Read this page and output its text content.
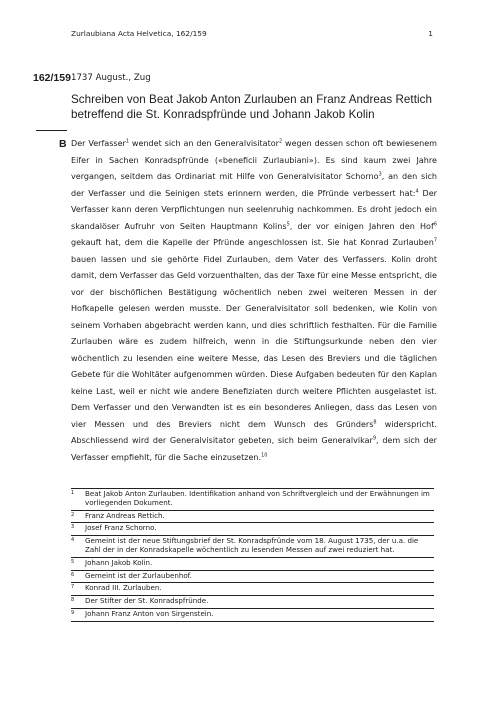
Zurlaubiana Acta Helvetica, 162/159	1
162/159 1737 August., Zug
Schreiben von Beat Jakob Anton Zurlauben an Franz Andreas Rettich betreffend die St. Konradspfründe und Johann Jakob Kolin
B Der Verfasser$^1$ wendet sich an den Generalvisitator$^2$ wegen dessen schon oft bewiesenem Eifer in Sachen Konradspfründe («beneficii Zurlaubiani»). Es sind kaum zwei Jahre vergangen, seitdem das Ordinariat mit Hilfe von Generalvisitator Schorno$^3$, an den sich der Verfasser und die Seinigen stets erinnern werden, die Pfründe verbessert hat:$^4$ Der Verfasser kann deren Verpflichtungen nun seelenruhig nachkommen. Es droht jedoch ein skandalöser Aufruhr von Seiten Hauptmann Kolins$^5$, der vor einigen Jahren den Hof$^6$ gekauft hat, dem die Kapelle der Pfründe angeschlossen ist. Sie hat Konrad Zurlauben$^7$ bauen lassen und sie gehörte Fidel Zurlauben, dem Vater des Verfassers. Kolin droht damit, dem Verfasser das Geld vorzuenthalten, das der Taxe für eine Messe entspricht, die vor der bischöflichen Bestätigung wöchentlich neben zwei weiteren Messen in der Hofkapelle gelesen werden musste. Der Generalvisitator soll bedenken, wie Kolin von seinem Vorhaben abgebracht werden kann, und dies schriftlich festhalten. Für die Familie Zurlauben wäre es zudem hilfreich, wenn in die Stiftungsurkunde neben den vier wöchentlich zu lesenden eine weitere Messe, das Lesen des Breviers und die täglichen Gebete für die Wohltäter aufgenommen würden. Diese Aufgaben bedeuten für den Kaplan keine Last, weil er nicht wie andere Benefiziaten durch weitere Pflichten ausgelastet ist. Dem Verfasser und den Verwandten ist es ein besonderes Anliegen, dass das Lesen von vier Messen und des Breviers nicht dem Wunsch des Gründers$^8$ widerspricht. Abschliessend wird der Generalvisitator gebeten, sich beim Generalvikar$^9$, dem sich der Verfasser empfiehlt, für die Sache einzusetzen.$^{10}$

1 Beat Jakob Anton Zurlauben. Identifikation anhand von Schriftvergleich und der Erwähnungen im vorliegenden Dokument.
2 Franz Andreas Rettich.
3 Josef Franz Schorno.
4 Gemeint ist der neue Stiftungsbrief der St. Konradspfründe vom 18. August 1735, der u.a. die Zahl der in der Konradskapelle wöchentlich zu lesenden Messen auf zwei reduziert hat.
5 Johann Jakob Kolin.
6 Gemeint ist der Zurlaubenhof.
7 Konrad III. Zurlauben.
8 Der Stifter der St. Konradspfründe.
9 Johann Franz Anton von Sirgenstein.
